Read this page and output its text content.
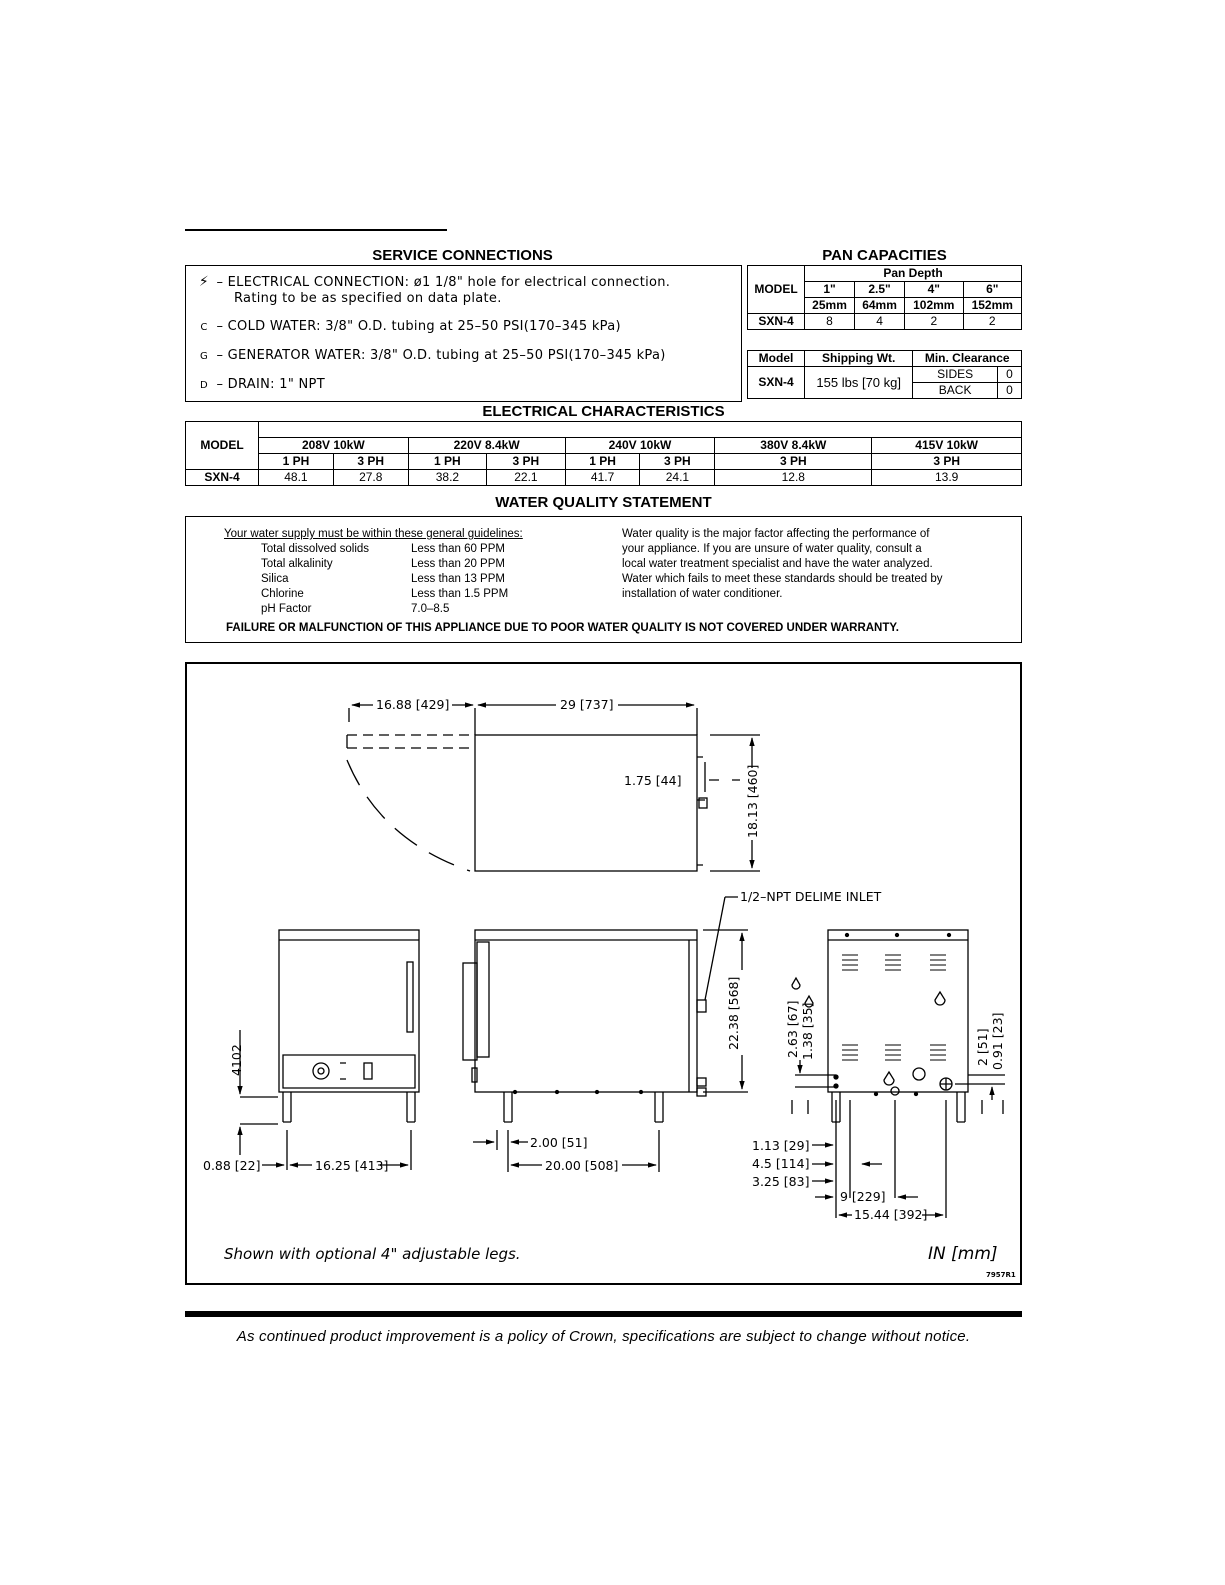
SERVICE CONNECTIONS
⚡ – ELECTRICAL CONNECTION: ø1 1/8" hole for electrical connection.
Rating to be as specified on data plate.
C – COLD WATER: 3/8" O.D. tubing at 25–50 PSI(170–345 kPa)
G – GENERATOR WATER: 3/8" O.D. tubing at 25–50 PSI(170–345 kPa)
D – DRAIN: 1" NPT
PAN CAPACITIES
MODEL	Pan Depth			
	1"	2.5"	4"	6"
	25mm	64mm	102mm	152mm
SXN-4	8	4	2	2
Model	Shipping Wt.	Min. Clearance	
SXN-4	155 lbs [70 kg]	SIDES	0
		BACK	0
ELECTRICAL CHARACTERISTICS
MODEL								
	208V 10kW		220V 8.4kW		240V 10kW		380V 8.4kW	415V 10kW
	1 PH	3 PH	1 PH	3 PH	1 PH	3 PH	3 PH	3 PH
SXN-4	48.1	27.8	38.2	22.1	41.7	24.1	12.8	13.9
WATER QUALITY STATEMENT
Your water supply must be within these general guidelines:
Total dissolved solids	Less than 60 PPM
Total alkalinity	Less than 20 PPM
Silica	Less than 13 PPM
Chlorine	Less than 1.5 PPM
pH Factor	7.0–8.5
Water quality is the major factor affecting the performance of
your appliance. If you are unsure of water quality, consult a
local water treatment specialist and have the water analyzed.
Water which fails to meet these standards should be treated by
installation of water conditioner.
FAILURE OR MALFUNCTION OF THIS APPLIANCE DUE TO POOR WATER QUALITY IS NOT COVERED UNDER WARRANTY.
16.88 [429]	29 [737]
1.75 [44]	18.13 [460]
1/2–NPT DELIME INLET
4102
22.38 [568]	2.63 [67] 1.38 [35]	2 [51] 0.91 [23]
0.88 [22]	16.25 [413]
2.00 [51]
20.00 [508]
1.13 [29]
4.5 [114]
3.25 [83]
9 [229]
15.44 [392]
Shown with optional 4" adjustable legs.	IN [mm]
7957R1
As continued product improvement is a policy of Crown, specifications are subject to change without notice.
